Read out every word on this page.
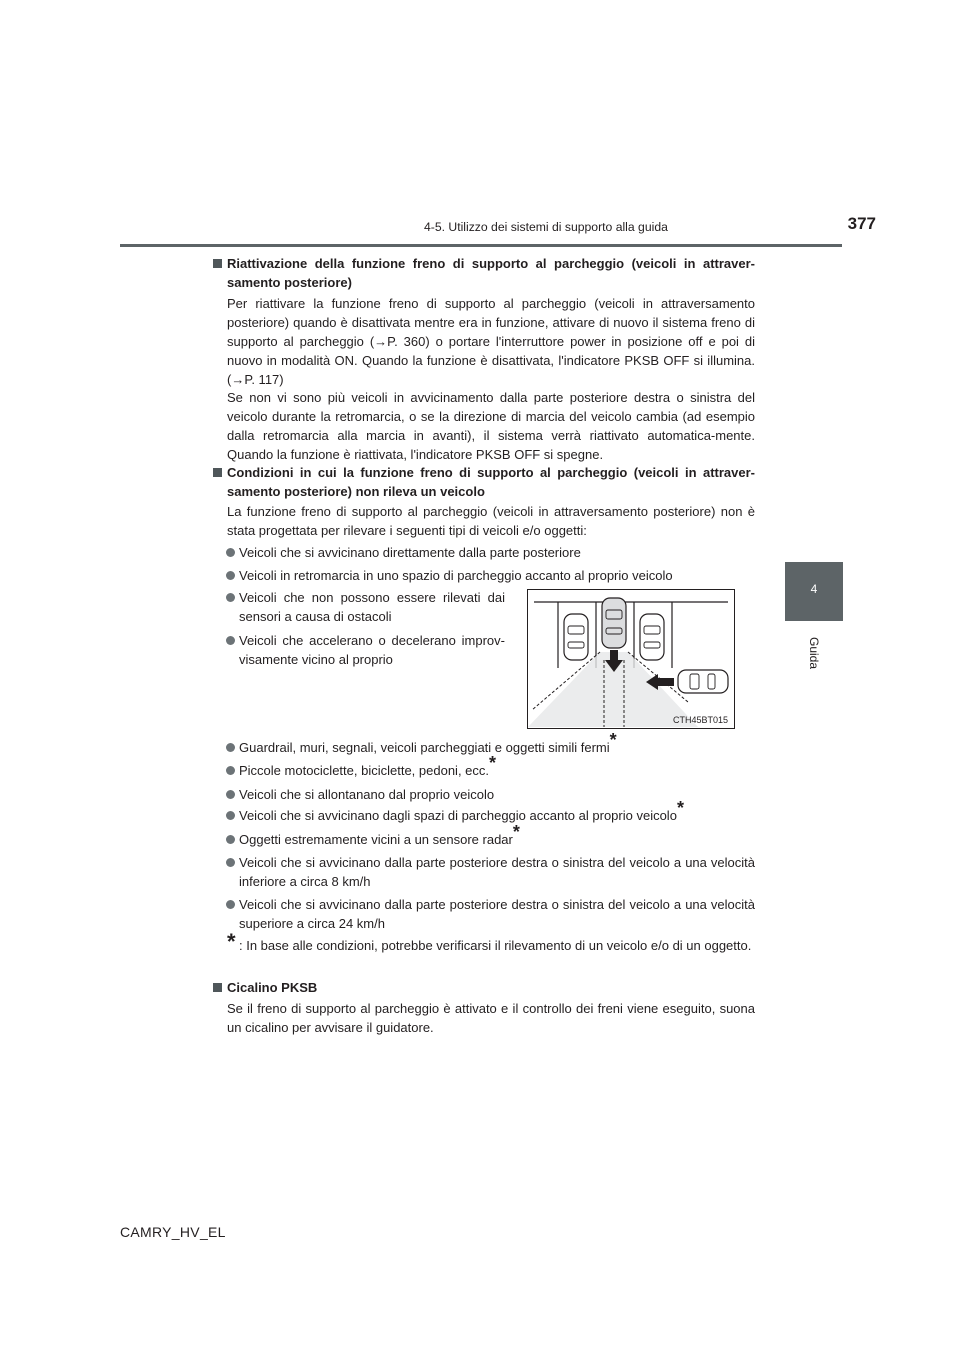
4-5. Utilizzo dei sistemi di supporto alla guida	377
4
Guida
Riattivazione della funzione freno di supporto al parcheggio (veicoli in attraver-samento posteriore)
Per riattivare la funzione freno di supporto al parcheggio (veicoli in attraversamento posteriore) quando è disattivata mentre era in funzione, attivare di nuovo il sistema freno di supporto al parcheggio (→P. 360) o portare l'interruttore power in posizione off e poi di nuovo in modalità ON. Quando la funzione è disattivata, l'indicatore PKSB OFF si illumina. (→P. 117)
Se non vi sono più veicoli in avvicinamento dalla parte posteriore destra o sinistra del veicolo durante la retromarcia, o se la direzione di marcia del veicolo cambia (ad esempio dalla retromarcia alla marcia in avanti), il sistema verrà riattivato automatica-mente. Quando la funzione è riattivata, l'indicatore PKSB OFF si spegne.
Condizioni in cui la funzione freno di supporto al parcheggio (veicoli in attraver-samento posteriore) non rileva un veicolo
La funzione freno di supporto al parcheggio (veicoli in attraversamento posteriore) non è stata progettata per rilevare i seguenti tipi di veicoli e/o oggetti:
Veicoli che si avvicinano direttamente dalla parte posteriore
Veicoli in retromarcia in uno spazio di parcheggio accanto al proprio veicolo
Veicoli che non possono essere rilevati dai sensori a causa di ostacoli
Veicoli che accelerano o decelerano improv-visamente vicino al proprio
Guardrail, muri, segnali, veicoli parcheggiati e oggetti simili fermi*
Piccole motociclette, biciclette, pedoni, ecc.*
Veicoli che si allontanano dal proprio veicolo
Veicoli che si avvicinano dagli spazi di parcheggio accanto al proprio veicolo*
Oggetti estremamente vicini a un sensore radar*
Veicoli che si avvicinano dalla parte posteriore destra o sinistra del veicolo a una velocità inferiore a circa 8 km/h
Veicoli che si avvicinano dalla parte posteriore destra o sinistra del veicolo a una velocità superiore a circa 24 km/h
* : In base alle condizioni, potrebbe verificarsi il rilevamento di un veicolo e/o di un oggetto.
Cicalino PKSB
Se il freno di supporto al parcheggio è attivato e il controllo dei freni viene eseguito, suona un cicalino per avvisare il guidatore.
CTH45BT015
CAMRY_HV_EL
